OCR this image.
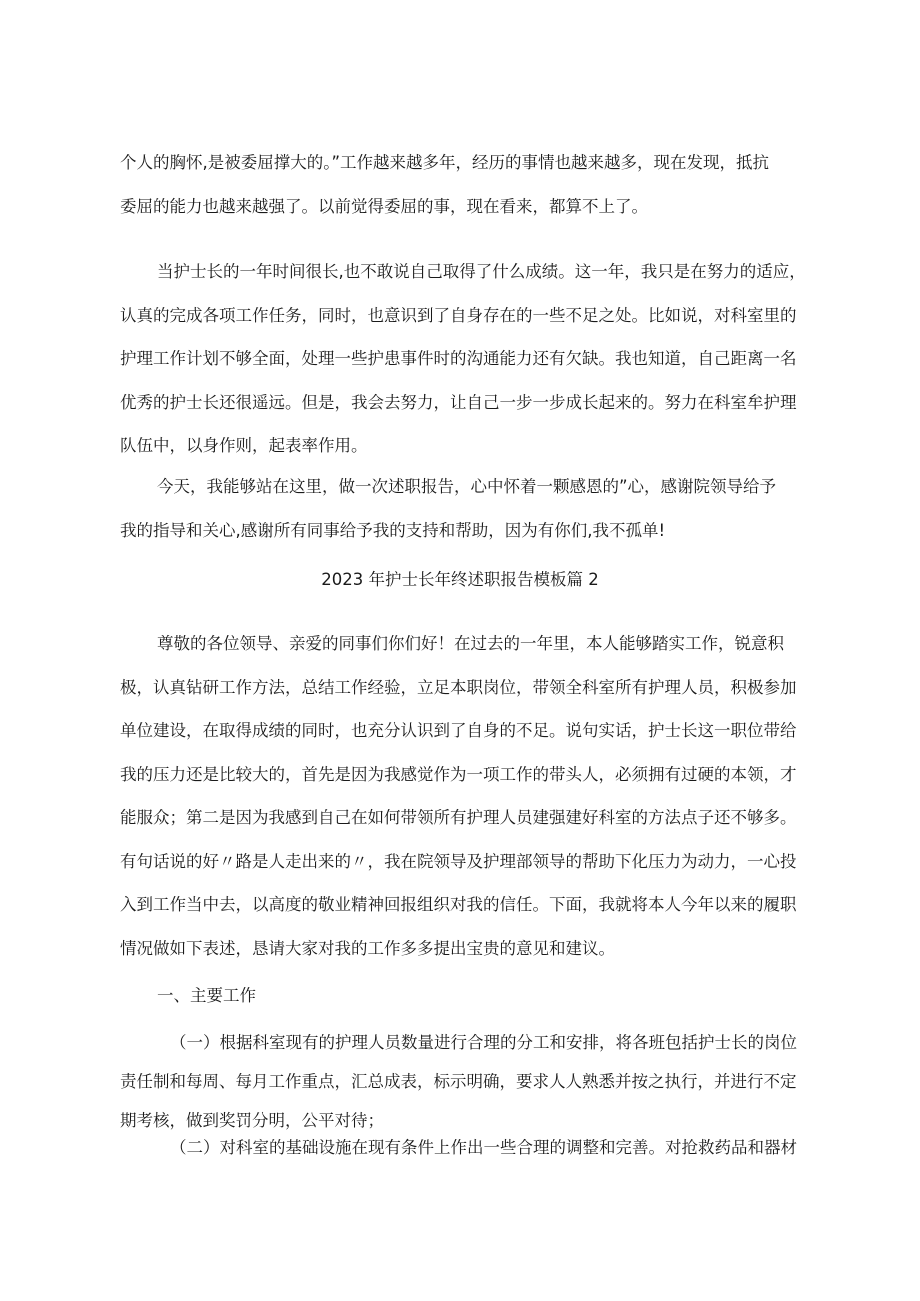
个人的胸怀,是被委屈撑大的。”工作越来越多年，经历的事情也越来越多，现在发现，抵抗
委屈的能力也越来越强了。以前觉得委屈的事，现在看来，都算不上了。
当护士长的一年时间很长,也不敢说自己取得了什么成绩。这一年，我只是在努力的适应，
认真的完成各项工作任务，同时，也意识到了自身存在的一些不足之处。比如说，对科室里的
护理工作计划不够全面，处理一些护患事件时的沟通能力还有欠缺。我也知道，自己距离一名
优秀的护士长还很遥远。但是，我会去努力，让自己一步一步成长起来的。努力在科室牟护理
队伍中，以身作则，起表率作用。
今天，我能够站在这里，做一次述职报告，心中怀着一颗感恩的”心，感谢院领导给予
我的指导和关心,感谢所有同事给予我的支持和帮助，因为有你们,我不孤单!
2023 年护士长年终述职报告模板篇 2
尊敬的各位领导、亲爱的同事们你们好！在过去的一年里，本人能够踏实工作，锐意积
极，认真钻研工作方法，总结工作经验，立足本职岗位，带领全科室所有护理人员，积极参加
单位建设，在取得成绩的同时，也充分认识到了自身的不足。说句实话，护士长这一职位带给
我的压力还是比较大的，首先是因为我感觉作为一项工作的带头人，必须拥有过硬的本领，才
能服众；第二是因为我感到自己在如何带领所有护理人员建强建好科室的方法点子还不够多。
有句话说的好〃路是人走出来的〃，我在院领导及护理部领导的帮助下化压力为动力，一心投
入到工作当中去，以高度的敬业精神回报组织对我的信任。下面，我就将本人今年以来的履职
情况做如下表述，恳请大家对我的工作多多提出宝贵的意见和建议。
一、主要工作
（一）根据科室现有的护理人员数量进行合理的分工和安排，将各班包括护士长的岗位
责任制和每周、每月工作重点，汇总成表，标示明确，要求人人熟悉并按之执行，并进行不定
期考核，做到奖罚分明，公平对待；
（二）对科室的基础设施在现有条件上作出一些合理的调整和完善。对抢救药品和器材
